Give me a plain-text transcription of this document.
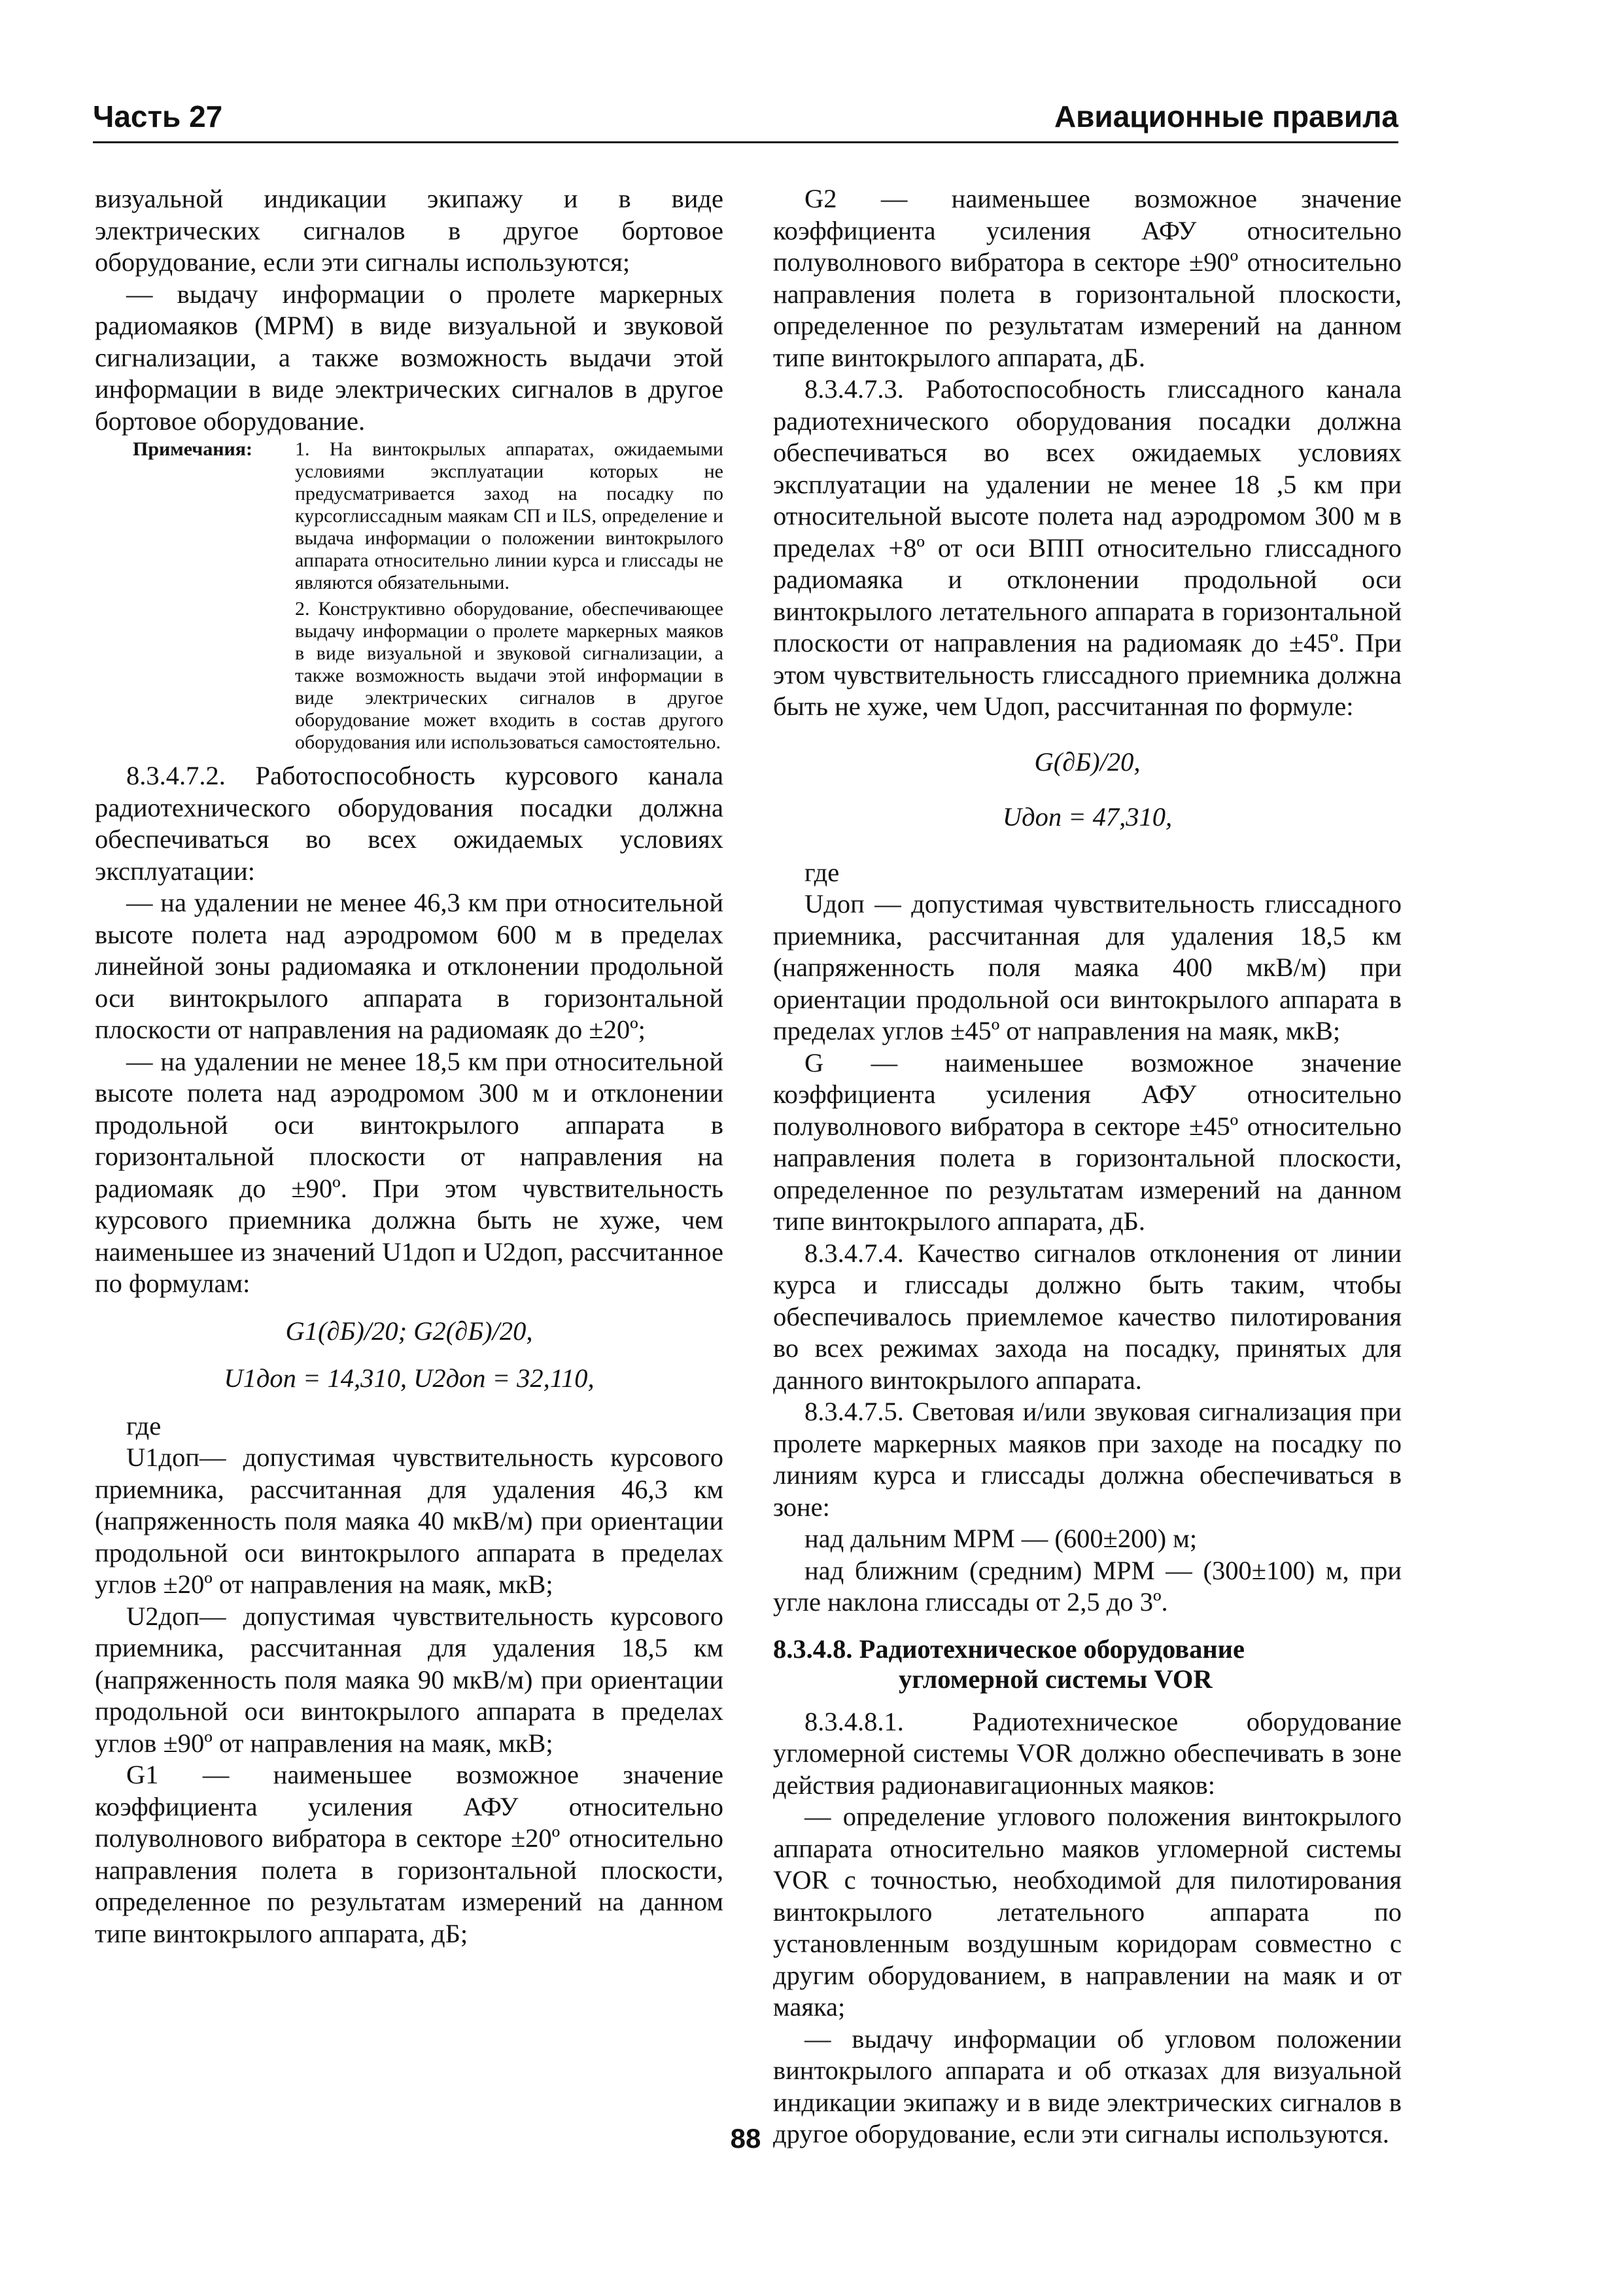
Часть 27	Авиационные правила

визуальной индикации экипажу и в виде электрических сигналов в другое бортовое оборудование, если эти сигналы используются;

— выдачу информации о пролете маркерных радиомаяков (МРМ) в виде визуальной и звуковой сигнализации, а также возможность выдачи этой информации в виде электрических сигналов в другое бортовое оборудование.

Примечания:	1. На винтокрылых аппаратах, ожидаемыми условиями эксплуатации которых не предусматривается заход на посадку по курсоглиссадным маякам СП и ILS, определение и выдача информации о положении винтокрылого аппарата относительно линии курса и глиссады не являются обязательными.

2. Конструктивно оборудование, обеспечивающее выдачу информации о пролете маркерных маяков в виде визуальной и звуковой сигнализации, а также возможность выдачи этой информации в виде электрических сигналов в другое оборудование может входить в состав другого оборудования или использоваться самостоятельно.

8.3.4.7.2. Работоспособность курсового канала радиотехнического оборудования посадки должна обеспечиваться во всех ожидаемых условиях эксплуатации:

— на удалении не менее 46,3 км при относительной высоте полета над аэродромом 600 м в пределах линейной зоны радиомаяка и отклонении продольной оси винтокрылого аппарата в горизонтальной плоскости от направления на радиомаяк до ±20º;

— на удалении не менее 18,5 км при относительной высоте полета над аэродромом 300 м и отклонении продольной оси винтокрылого аппарата в горизонтальной плоскости от направления на радиомаяк до ±90º. При этом чувствительность курсового приемника должна быть не хуже, чем наименьшее из значений U1доп и U2доп, рассчитанное по формулам:

G1(∂Б)/20; G2(∂Б)/20,
U1доп = 14,310, U2доп = 32,110,

где

U1доп— допустимая чувствительность курсового приемника, рассчитанная для удаления 46,3 км (напряженность поля маяка 40 мкВ/м) при ориентации продольной оси винтокрылого аппарата в пределах углов ±20º от направления на маяк, мкВ;

U2доп— допустимая чувствительность курсового приемника, рассчитанная для удаления 18,5 км (напряженность поля маяка 90 мкВ/м) при ориентации продольной оси винтокрылого аппарата в пределах углов ±90º от направления на маяк, мкВ;

G1 — наименьшее возможное значение коэффициента усиления АФУ относительно полуволнового вибратора в секторе ±20º относительно направления полета в горизонтальной плоскости, определенное по результатам измерений на данном типе винтокрылого аппарата, дБ;

G2 — наименьшее возможное значение коэффициента усиления АФУ относительно полуволнового вибратора в секторе ±90º относительно направления полета в горизонтальной плоскости, определенное по результатам измерений на данном типе винтокрылого аппарата, дБ.

8.3.4.7.3. Работоспособность глиссадного канала радиотехнического оборудования посадки должна обеспечиваться во всех ожидаемых условиях эксплуатации на удалении не менее 18 ,5 км при относительной высоте полета над аэродромом 300 м в пределах +8º от оси ВПП относительно глиссадного радиомаяка и отклонении продольной оси винтокрылого летательного аппарата в горизонтальной плоскости от направления на радиомаяк до ±45º. При этом чувствительность глиссадного приемника должна быть не хуже, чем Uдоп, рассчитанная по формуле:

G(∂Б)/20,
Uдоп = 47,310,

где

Uдоп — допустимая чувствительность глиссадного приемника, рассчитанная для удаления 18,5 км (напряженность поля маяка 400 мкВ/м) при ориентации продольной оси винтокрылого аппарата в пределах углов ±45º от направления на маяк, мкВ;

G — наименьшее возможное значение коэффициента усиления АФУ относительно полуволнового вибратора в секторе ±45º относительно направления полета в горизонтальной плоскости, определенное по результатам измерений на данном типе винтокрылого аппарата, дБ.

8.3.4.7.4. Качество сигналов отклонения от линии курса и глиссады должно быть таким, чтобы обеспечивалось приемлемое качество пилотирования во всех режимах захода на посадку, принятых для данного винтокрылого аппарата.

8.3.4.7.5. Световая и/или звуковая сигнализация при пролете маркерных маяков при заходе на посадку по линиям курса и глиссады должна обеспечиваться в зоне:

над дальним МРМ — (600±200) м;

над ближним (средним) МРМ — (300±100) м, при угле наклона глиссады от 2,5 до 3º.

8.3.4.8. Радиотехническое оборудование
угломерной системы VOR

8.3.4.8.1. Радиотехническое оборудование угломерной системы VOR должно обеспечивать в зоне действия радионавигационных маяков:

— определение углового положения винтокрылого аппарата относительно маяков угломерной системы VOR с точностью, необходимой для пилотирования винтокрылого летательного аппарата по установленным воздушным коридорам совместно с другим оборудованием, в направлении на маяк и от маяка;

— выдачу информации об угловом положении винтокрылого аппарата и об отказах для визуальной индикации экипажу и в виде электрических сигналов в другое оборудование, если эти сигналы используются.

88
